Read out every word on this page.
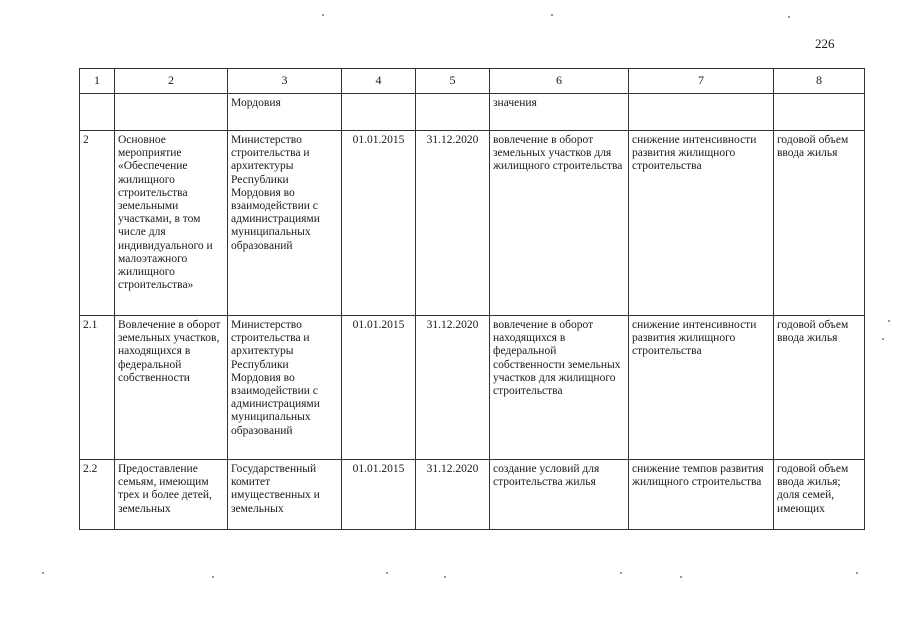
226
1	2	3	4	5	6	7	8
		Мордовия			значения		
2	Основное мероприятие «Обеспечение жилищного строительства земельными участками, в том числе для индивидуального и малоэтажного жилищного строительства»	Министерство строительства и архитектуры Республики Мордовия во взаимодействии с администрациями муниципальных образований	01.01.2015	31.12.2020	вовлечение в оборот земельных участков для жилищного строительства	снижение интенсивности развития жилищного строительства	годовой объем ввода жилья
2.1	Вовлечение в оборот земельных участков, находящихся в федеральной собственности	Министерство строительства и архитектуры Республики Мордовия во взаимодействии с администрациями муниципальных образований	01.01.2015	31.12.2020	вовлечение в оборот находящихся в федеральной собственности земельных участков для жилищного строительства	снижение интенсивности развития жилищного строительства	годовой объем ввода жилья
2.2	Предоставление семьям, имеющим трех и более детей, земельных	Государственный комитет имущественных и земельных	01.01.2015	31.12.2020	создание условий для строительства жилья	снижение темпов развития жилищного строительства	годовой объем ввода жилья; доля семей, имеющих
